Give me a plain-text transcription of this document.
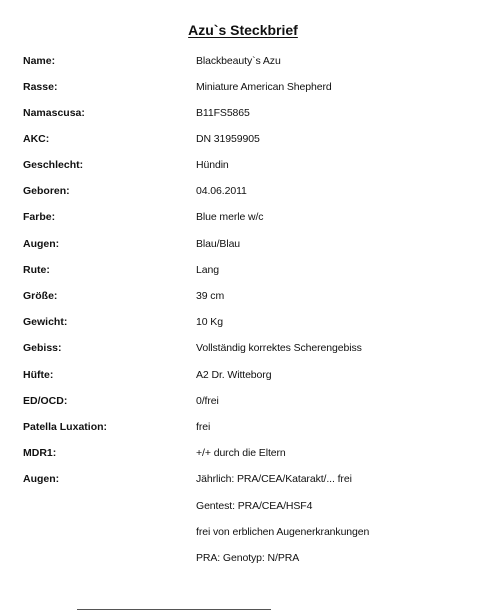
Azu`s Steckbrief
Name:	Blackbeauty`s Azu
Rasse:	Miniature American Shepherd
Namascusa:	B11FS5865
AKC:	DN 31959905
Geschlecht:	Hündin
Geboren:	04.06.2011
Farbe:	Blue merle w/c
Augen:	Blau/Blau
Rute:	Lang
Größe:	39 cm
Gewicht:	10 Kg
Gebiss:	Vollständig korrektes Scherengebiss
Hüfte:	A2 Dr. Witteborg
ED/OCD:	0/frei
Patella Luxation:	frei
MDR1:	+/+ durch die Eltern
Augen:	Jährlich: PRA/CEA/Katarakt/... frei
Gentest: PRA/CEA/HSF4
frei von erblichen Augenerkrankungen
PRA: Genotyp: N/PRA
